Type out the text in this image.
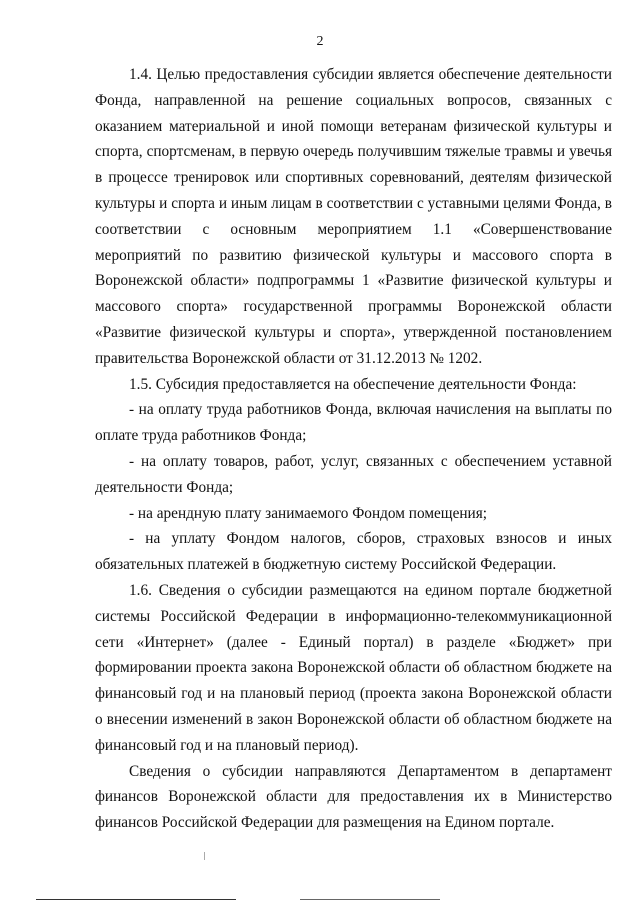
2

1.4. Целью предоставления субсидии является обеспечение деятельности Фонда, направленной на решение социальных вопросов, связанных с оказанием материальной и иной помощи ветеранам физической культуры и спорта, спортсменам, в первую очередь получившим тяжелые травмы и увечья в процессе тренировок или спортивных соревнований, деятелям физической культуры и спорта и иным лицам в соответствии с уставными целями Фонда, в соответствии с основным мероприятием 1.1 «Совершенствование мероприятий по развитию физической культуры и массового спорта в Воронежской области» подпрограммы 1 «Развитие физической культуры и массового спорта» государственной программы Воронежской области «Развитие физической культуры и спорта», утвержденной постановлением правительства Воронежской области от 31.12.2013 № 1202.

1.5. Субсидия предоставляется на обеспечение деятельности Фонда:

- на оплату труда работников Фонда, включая начисления на выплаты по оплате труда работников Фонда;

- на оплату товаров, работ, услуг, связанных с обеспечением уставной деятельности Фонда;

- на арендную плату занимаемого Фондом помещения;

- на уплату Фондом налогов, сборов, страховых взносов и иных обязательных платежей в бюджетную систему Российской Федерации.

1.6. Сведения о субсидии размещаются на едином портале бюджетной системы Российской Федерации в информационно-телекоммуникационной сети «Интернет» (далее - Единый портал) в разделе «Бюджет» при формировании проекта закона Воронежской области об областном бюджете на финансовый год и на плановый период (проекта закона Воронежской области о внесении изменений в закон Воронежской области об областном бюджете на финансовый год и на плановый период).

Сведения о субсидии направляются Департаментом в департамент финансов Воронежской области для предоставления их в Министерство финансов Российской Федерации для размещения на Едином портале.
